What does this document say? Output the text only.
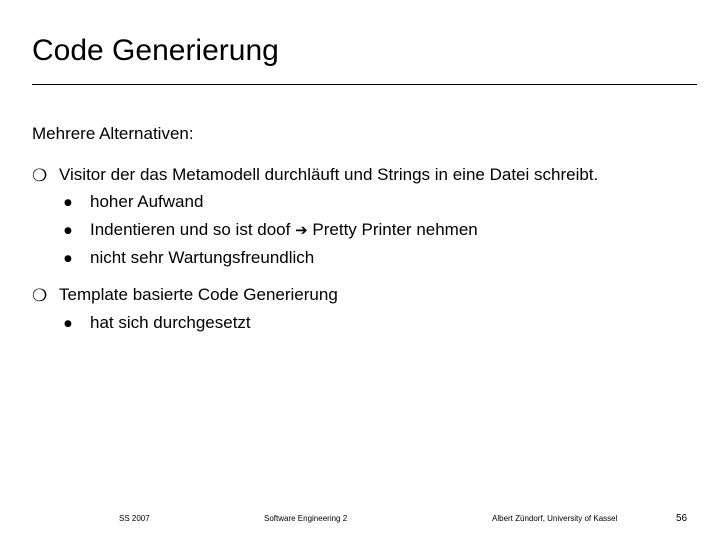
Code Generierung
Mehrere Alternativen:
❍ Visitor der das Metamodell durchläuft und Strings in eine Datei schreibt.
● hoher Aufwand
● Indentieren und so ist doof ➔ Pretty Printer nehmen
● nicht sehr Wartungsfreundlich
❍ Template basierte Code Generierung
● hat sich durchgesetzt
SS 2007	Software Engineering 2	Albert Zündorf, University of Kassel	56
